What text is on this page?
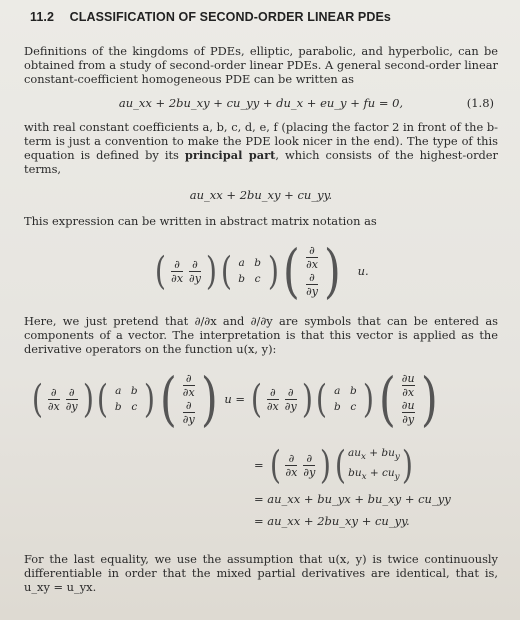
11.2 CLASSIFICATION OF SECOND-ORDER LINEAR PDEs

Definitions of the kingdoms of PDEs, elliptic, parabolic, and hyperbolic, can be obtained from a study of second-order linear PDEs. A general second-order linear constant-coefficient homogeneous PDE can be written as

au_xx + 2bu_xy + cu_yy + du_x + eu_y + fu = 0,	(1.8)

with real constant coefficients a, b, c, d, e, f (placing the factor 2 in front of the b-term is just a convention to make the PDE look nicer in the end). The type of this equation is defined by its principal part, which consists of the highest-order terms,

au_xx + 2bu_xy + cu_yy.

This expression can be written in abstract matrix notation as

( $\frac{\partial}{\partial x} \frac{\partial}{\partial y}$ ) ( a b
b c ) ( $\frac{\partial}{\partial x}$
$\frac{\partial}{\partial y}$ ) u.

Here, we just pretend that ∂/∂x and ∂/∂y are symbols that can be entered as components of a vector. The interpretation is that this vector is applied as the derivative operators on the function u(x, y):

( $\frac{\partial}{\partial x} \frac{\partial}{\partial y}$ ) ( a b
b c ) ( $\frac{\partial}{\partial x}$
$\frac{\partial}{\partial y}$ ) u = ( $\frac{\partial}{\partial x} \frac{\partial}{\partial y}$ ) ( a b
b c ) ( $\frac{\partial u}{\partial x}$
$\frac{\partial u}{\partial y}$ )
= ( $\frac{\partial}{\partial x} \frac{\partial}{\partial y}$ ) ( $au_x + bu_y$
$bu_x + cu_y$ )
= au_xx + bu_yx + bu_xy + cu_yy
= au_xx + 2bu_xy + cu_yy.

For the last equality, we use the assumption that u(x, y) is twice continuously differentiable in order that the mixed partial derivatives are identical, that is, u_xy = u_yx.
